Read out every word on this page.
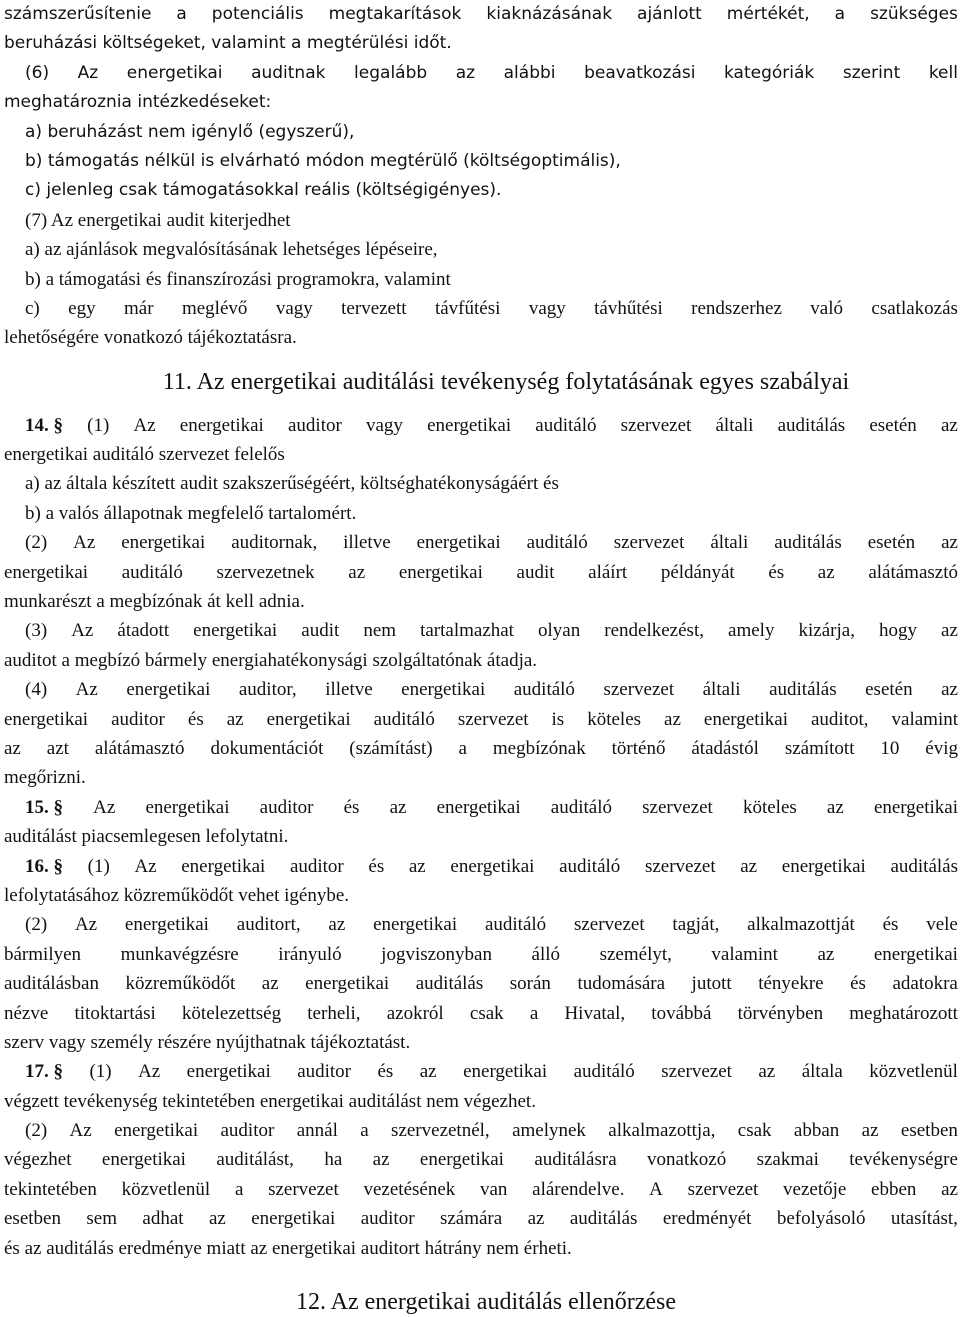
számszerűsítenie a potenciális megtakarítások kiaknázásának ajánlott mértékét, a szükséges
beruházási költségeket, valamint a megtérülési időt.
(6) Az energetikai auditnak legalább az alábbi beavatkozási kategóriák szerint kell
meghatároznia intézkedéseket:
a) beruházást nem igénylő (egyszerű),
b) támogatás nélkül is elvárható módon megtérülő (költségoptimális),
c) jelenleg csak támogatásokkal reális (költségigényes).
(7) Az energetikai audit kiterjedhet
a) az ajánlások megvalósításának lehetséges lépéseire,
b) a támogatási és finanszírozási programokra, valamint
c) egy már meglévő vagy tervezett távfűtési vagy távhűtési rendszerhez való csatlakozás
lehetőségére vonatkozó tájékoztatásra.
11. Az energetikai auditálási tevékenység folytatásának egyes szabályai
14. § (1) Az energetikai auditor vagy energetikai auditáló szervezet általi auditálás esetén az
energetikai auditáló szervezet felelős
a) az általa készített audit szakszerűségéért, költséghatékonyságáért és
b) a valós állapotnak megfelelő tartalomért.
(2) Az energetikai auditornak, illetve energetikai auditáló szervezet általi auditálás esetén az
energetikai auditáló szervezetnek az energetikai audit aláírt példányát és az alátámasztó
munkarészt a megbízónak át kell adnia.
(3) Az átadott energetikai audit nem tartalmazhat olyan rendelkezést, amely kizárja, hogy az
auditot a megbízó bármely energiahatékonysági szolgáltatónak átadja.
(4) Az energetikai auditor, illetve energetikai auditáló szervezet általi auditálás esetén az
energetikai auditor és az energetikai auditáló szervezet is köteles az energetikai auditot, valamint
az azt alátámasztó dokumentációt (számítást) a megbízónak történő átadástól számított 10 évig
megőrizni.
15. § Az energetikai auditor és az energetikai auditáló szervezet köteles az energetikai
auditálást piacsemlegesen lefolytatni.
16. § (1) Az energetikai auditor és az energetikai auditáló szervezet az energetikai auditálás
lefolytatásához közreműködőt vehet igénybe.
(2) Az energetikai auditort, az energetikai auditáló szervezet tagját, alkalmazottját és vele
bármilyen munkavégzésre irányuló jogviszonyban álló személyt, valamint az energetikai
auditálásban közreműködőt az energetikai auditálás során tudomására jutott tényekre és adatokra
nézve titoktartási kötelezettség terheli, azokról csak a Hivatal, továbbá törvényben meghatározott
szerv vagy személy részére nyújthatnak tájékoztatást.
17. § (1) Az energetikai auditor és az energetikai auditáló szervezet az általa közvetlenül
végzett tevékenység tekintetében energetikai auditálást nem végezhet.
(2) Az energetikai auditor annál a szervezetnél, amelynek alkalmazottja, csak abban az esetben
végezhet energetikai auditálást, ha az energetikai auditálásra vonatkozó szakmai tevékenységre
tekintetében közvetlenül a szervezet vezetésének van alárendelve. A szervezet vezetője ebben az
esetben sem adhat az energetikai auditor számára az auditálás eredményét befolyásoló utasítást,
és az auditálás eredménye miatt az energetikai auditort hátrány nem érheti.
12. Az energetikai auditálás ellenőrzése
